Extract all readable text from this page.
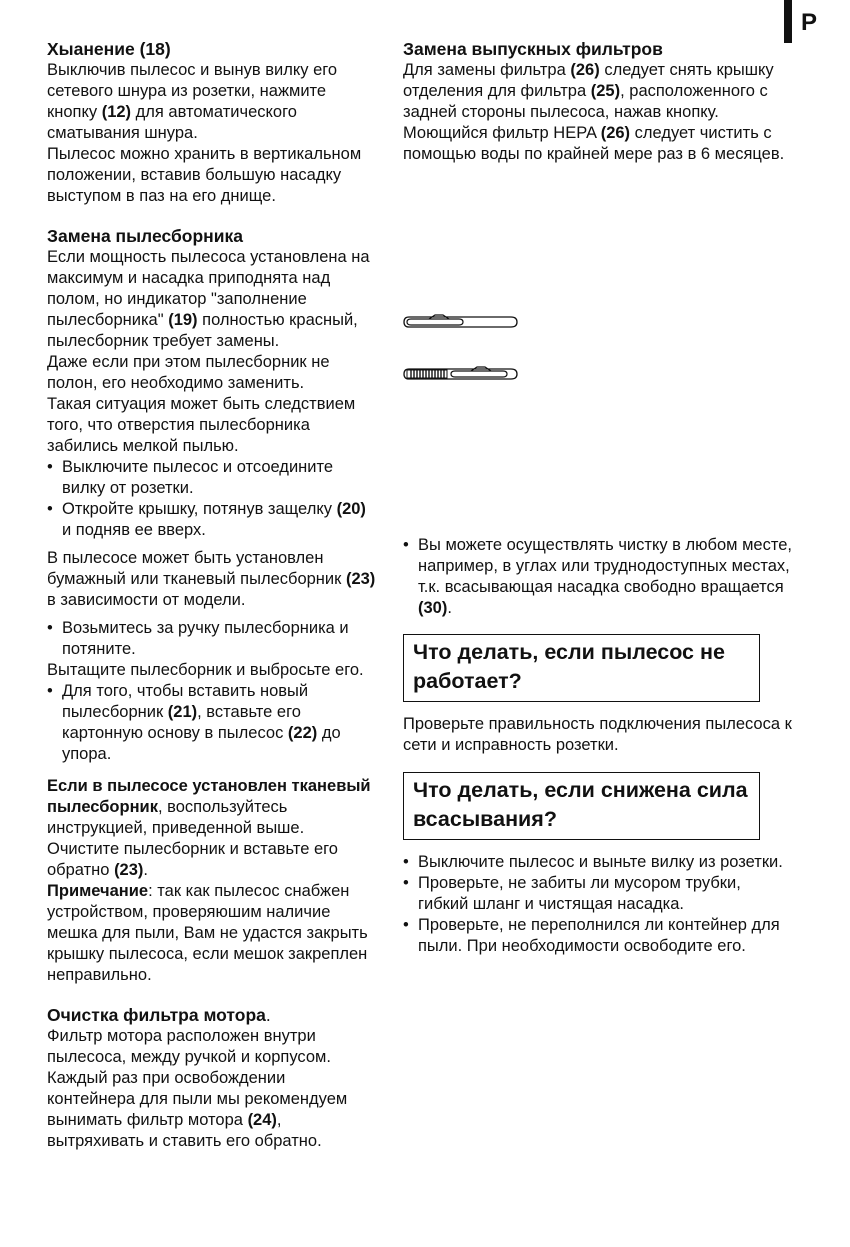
P
Хыанение (18)

Выключив пылесос и вынув вилку его сетевого шнура из розетки, нажмите кнопку (12) для автоматического сматывания шнура.

Пылесос можно хранить в вертикальном положении, вставив большую насадку выступом в паз на его днище.

Замена пылесборника

Если мощность пылесоса установлена на максимум и насадка приподнята над полом, но индикатор "заполнение пылесборника" (19) полностью красный, пылесборник требует замены.

Даже если при этом пылесборник не полон, его необходимо заменить.

Такая ситуация может быть следствием того, что отверстия пылесборника забились мелкой пылью.

• Выключите пылесос и отсоедините вилку от розетки.
• Откройте крышку, потянув защелку (20) и подняв ее вверх.

В пылесосе может быть установлен бумажный или тканевый пылесборник (23) в зависимости от модели.

• Возьмитесь за ручку пылесборника и потяните.

Вытащите пылесборник и выбросьте его.

• Для того, чтобы вставить новый пылесборник (21), вставьте его картонную основу в пылесос (22) до упора.

Если в пылесосе установлен тканевый пылесборник, воспользуйтесь инструкцией, приведенной выше. Очистите пылесборник и вставьте его обратно (23).

Примечание: так как пылесос снабжен устройством, проверяюшим наличие мешка для пыли, Вам не удастся закрыть крышку пылесоса, если мешок закреплен неправильно.

Очистка фильтра мотора.

Фильтр мотора расположен внутри пылесоса, между ручкой и корпусом. Каждый раз при освобождении контейнера для пыли мы рекомендуем вынимать фильтр мотора (24), вытряхивать и ставить его обратно.

Замена выпускных фильтров

Для замены фильтра (26) следует снять крышку отделения для фильтра (25), расположенного с задней стороны пылесоса, нажав кнопку.

Моющийся фильтр HEPA (26) следует чистить с помощью воды по крайней мере раз в 6 месяцев.

• Вы можете осуществлять чистку в любом месте, например, в углах или труднодоступных местах, т.к. всасывающая насадка свободно вращается (30).
Что делать, если пылесос не работает?

Проверьте правильность подключения пылесоса к сети и исправность розетки.

Что делать, если снижена сила всасывания?
• Выключите пылесос и выньте вилку из розетки.
• Проверьте, не забиты ли мусором трубки, гибкий шланг и чистящая насадка.
• Проверьте, не переполнился ли контейнер для пыли. При необходимости освободите его.
